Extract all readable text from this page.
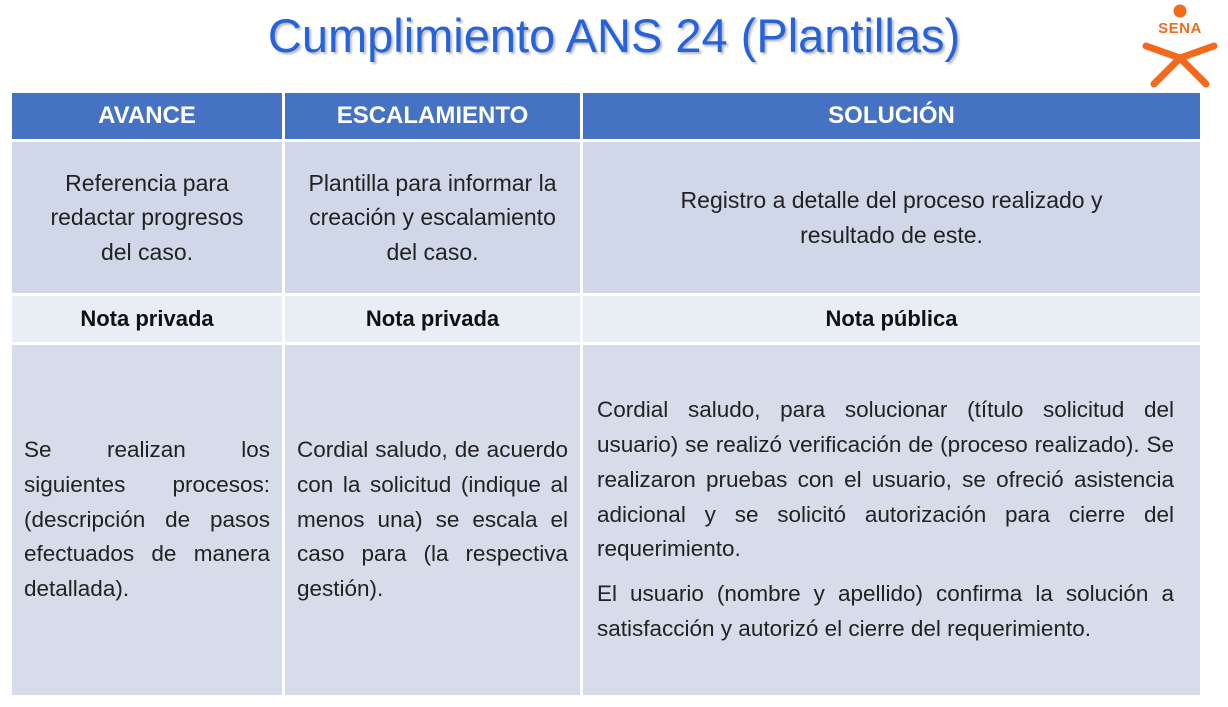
Cumplimiento ANS 24 (Plantillas)	SENA
AVANCE	ESCALAMIENTO	SOLUCIÓN
Referencia para redactar progresos del caso.	Plantilla para informar la creación y escalamiento del caso.	Registro a detalle del proceso realizado y resultado de este.
Nota privada	Nota privada	Nota pública

Se realizan los siguientes procesos: (descripción de pasos efectuados de manera detallada).	Cordial saludo, de acuerdo con la solicitud (indique al menos una) se escala el caso para (la respectiva gestión).	Cordial saludo, para solucionar (título solicitud del usuario) se realizó verificación de (proceso realizado). Se realizaron pruebas con el usuario, se ofreció asistencia adicional y se solicitó autorización para cierre del requerimiento.

El usuario (nombre y apellido) confirma la solución a satisfacción y autorizó el cierre del requerimiento.
